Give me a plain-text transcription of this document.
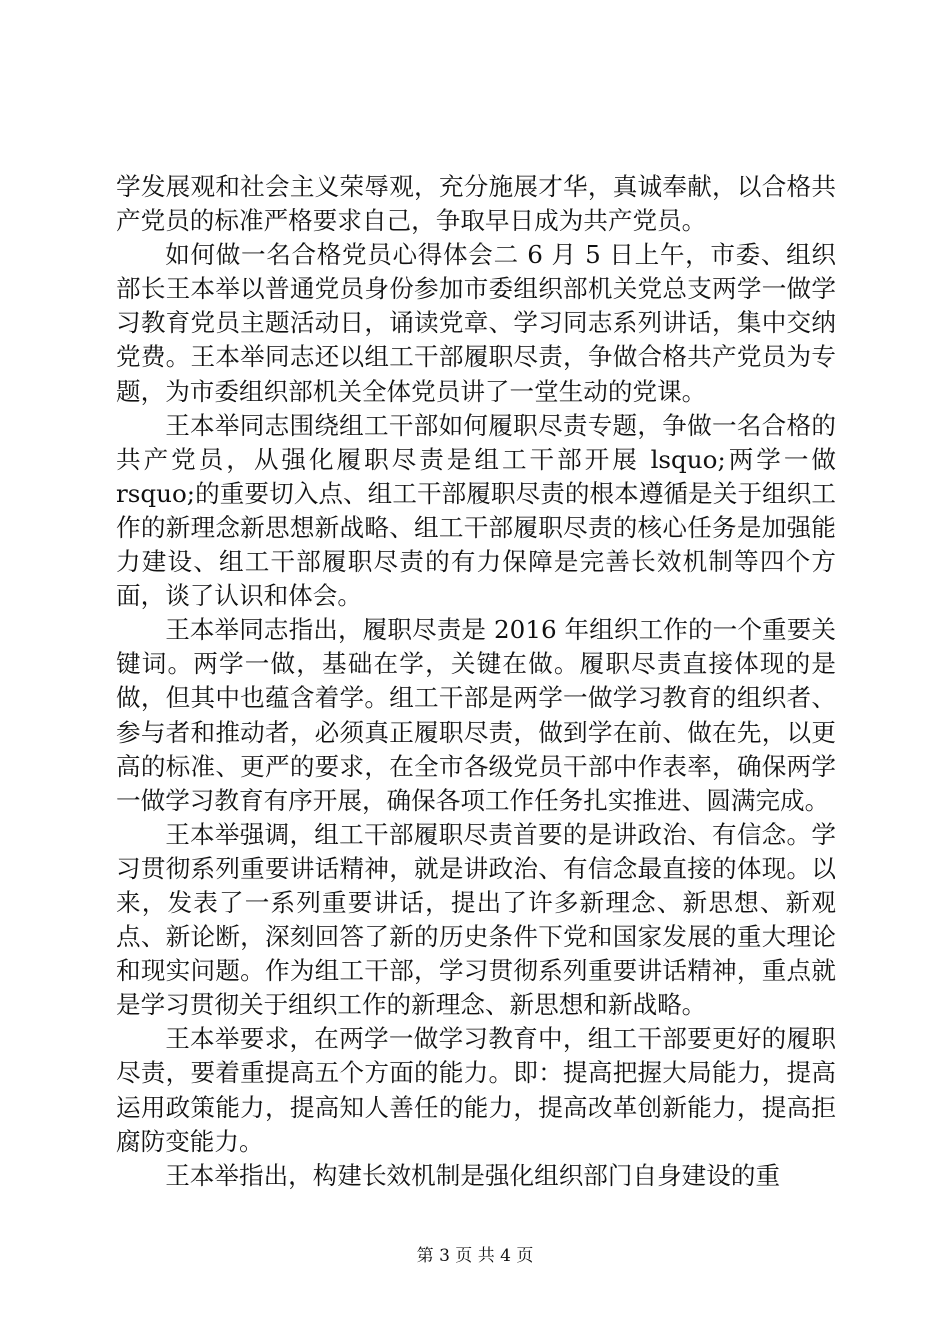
学发展观和社会主义荣辱观，充分施展才华，真诚奉献，以合格共产党员的标准严格要求自己，争取早日成为共产党员。

如何做一名合格党员心得体会二 6 月 5 日上午，市委、组织部长王本举以普通党员身份参加市委组织部机关党总支两学一做学习教育党员主题活动日，诵读党章、学习同志系列讲话，集中交纳党费。王本举同志还以组工干部履职尽责，争做合格共产党员为专题，为市委组织部机关全体党员讲了一堂生动的党课。

王本举同志围绕组工干部如何履职尽责专题，争做一名合格的共产党员，从强化履职尽责是组工干部开展 lsquo;两学一做 rsquo;的重要切入点、组工干部履职尽责的根本遵循是关于组织工作的新理念新思想新战略、组工干部履职尽责的核心任务是加强能力建设、组工干部履职尽责的有力保障是完善长效机制等四个方面，谈了认识和体会。

王本举同志指出，履职尽责是 2016 年组织工作的一个重要关键词。两学一做，基础在学，关键在做。履职尽责直接体现的是做，但其中也蕴含着学。组工干部是两学一做学习教育的组织者、参与者和推动者，必须真正履职尽责，做到学在前、做在先，以更高的标准、更严的要求，在全市各级党员干部中作表率，确保两学一做学习教育有序开展，确保各项工作任务扎实推进、圆满完成。

王本举强调，组工干部履职尽责首要的是讲政治、有信念。学习贯彻系列重要讲话精神，就是讲政治、有信念最直接的体现。以来，发表了一系列重要讲话，提出了许多新理念、新思想、新观点、新论断，深刻回答了新的历史条件下党和国家发展的重大理论和现实问题。作为组工干部，学习贯彻系列重要讲话精神，重点就是学习贯彻关于组织工作的新理念、新思想和新战略。

王本举要求，在两学一做学习教育中，组工干部要更好的履职尽责，要着重提高五个方面的能力。即：提高把握大局能力，提高运用政策能力，提高知人善任的能力，提高改革创新能力，提高拒腐防变能力。

王本举指出，构建长效机制是强化组织部门自身建设的重

第 3 页 共 4 页
